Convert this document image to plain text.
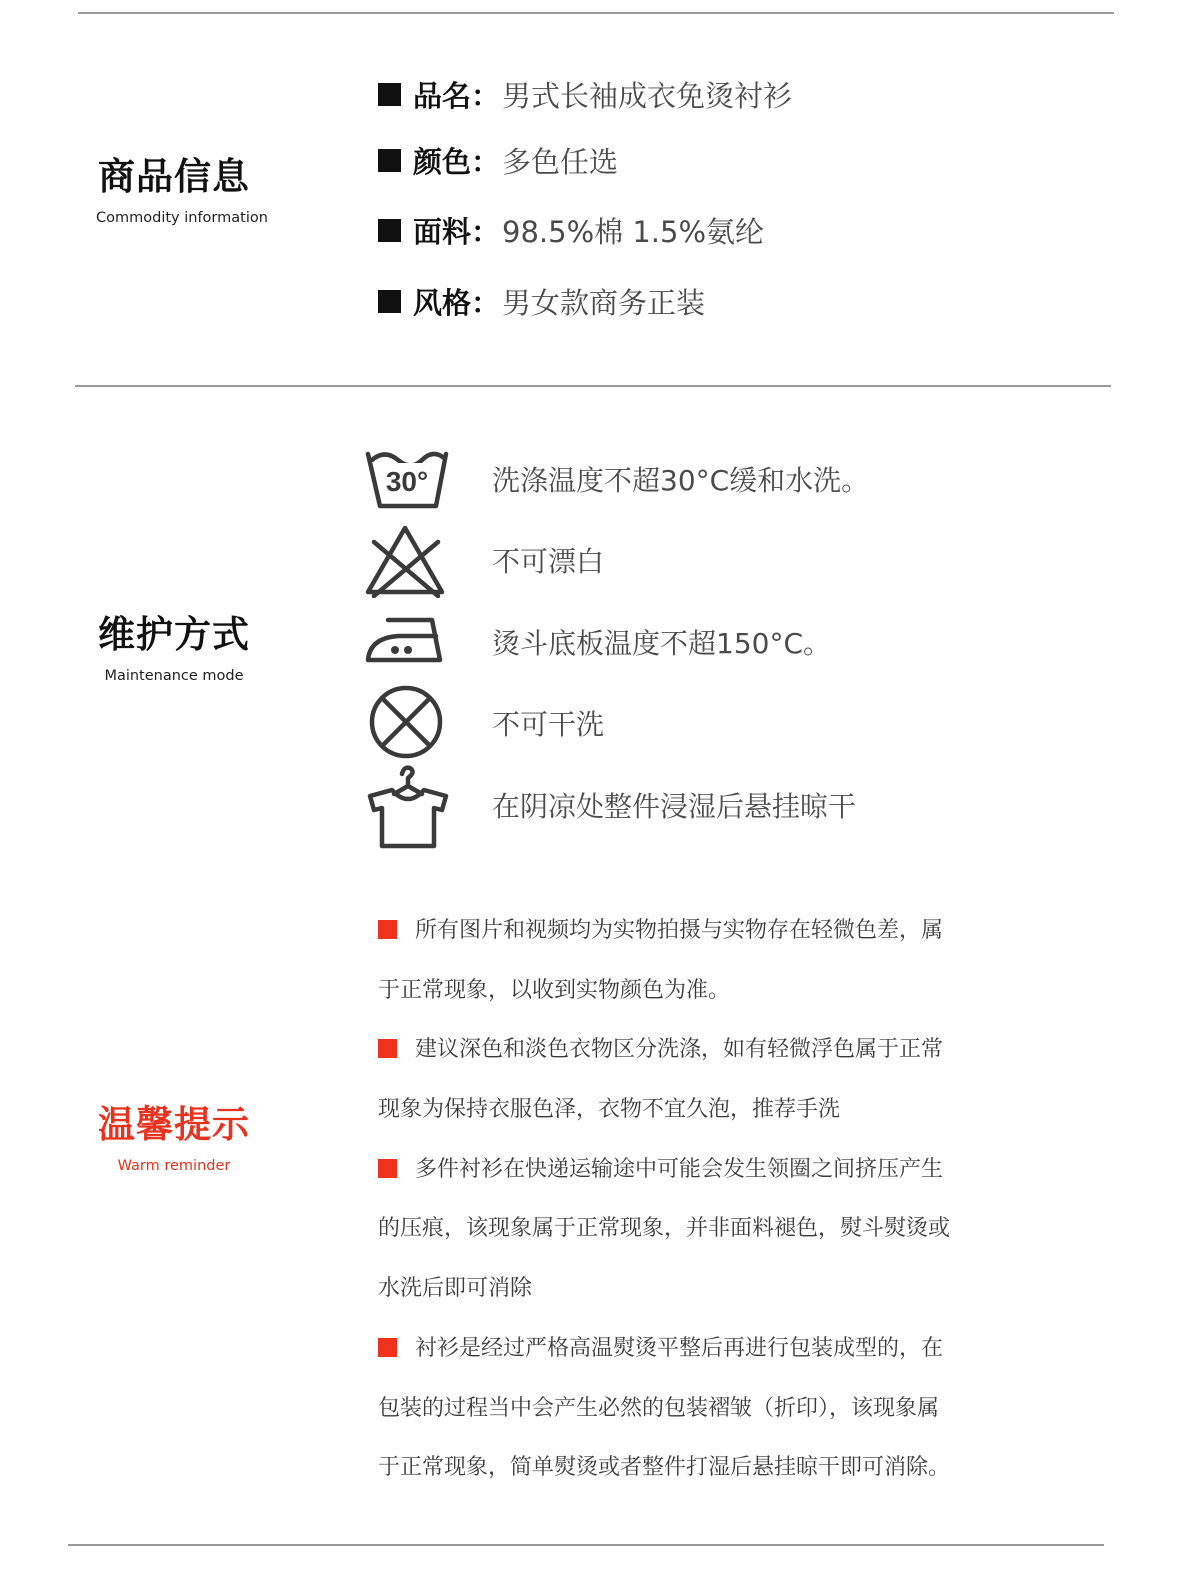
商品信息
Commodity information
品名： 男式长袖成衣免烫衬衫
颜色： 多色任选
面料： 98.5%棉 1.5%氨纶
风格： 男女款商务正装
维护方式
Maintenance mode
30° 洗涤温度不超30°C缓和水洗。
不可漂白
烫斗底板温度不超150°C。
不可干洗
在阴凉处整件浸湿后悬挂晾干
温馨提示
Warm reminder
所有图片和视频均为实物拍摄与实物存在轻微色差，属
于正常现象，以收到实物颜色为准。
建议深色和淡色衣物区分洗涤，如有轻微浮色属于正常
现象为保持衣服色泽，衣物不宜久泡，推荐手洗
多件衬衫在快递运输途中可能会发生领圈之间挤压产生
的压痕，该现象属于正常现象，并非面料褪色，熨斗熨烫或
水洗后即可消除
衬衫是经过严格高温熨烫平整后再进行包装成型的，在
包装的过程当中会产生必然的包装褶皱（折印），该现象属
于正常现象，简单熨烫或者整件打湿后悬挂晾干即可消除。
